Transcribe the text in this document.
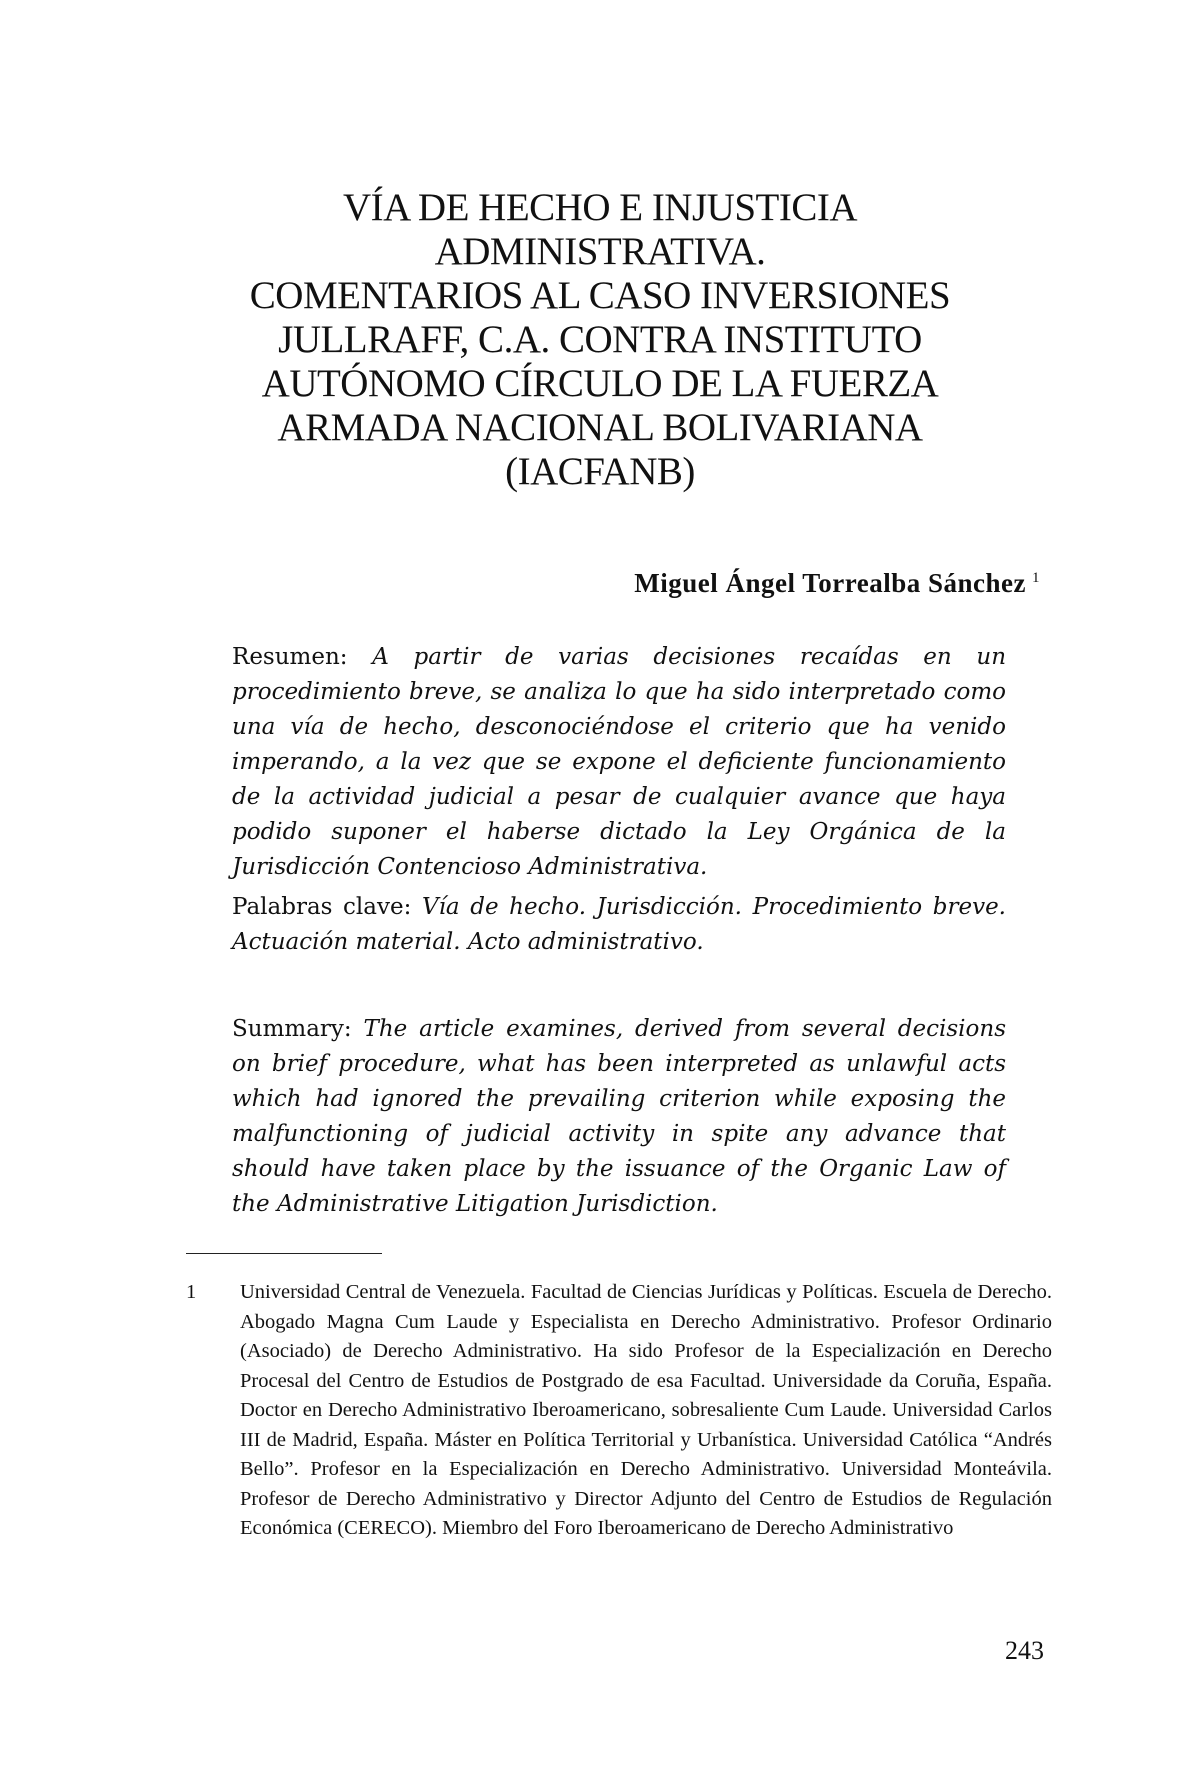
VÍA DE HECHO E INJUSTICIA
ADMINISTRATIVA.
COMENTARIOS AL CASO INVERSIONES
JULLRAFF, C.A. CONTRA INSTITUTO
AUTÓNOMO CÍRCULO DE LA FUERZA
ARMADA NACIONAL BOLIVARIANA
(IACFANB)
Miguel Ángel Torrealba Sánchez $^1$
Resumen: A partir de varias decisiones recaídas en un procedimiento breve, se analiza lo que ha sido interpretado como una vía de hecho, desconociéndose el criterio que ha venido imperando, a la vez que se expone el deficiente funcionamiento de la actividad judicial a pesar de cualquier avance que haya podido suponer el haberse dictado la Ley Orgánica de la Jurisdicción Contencioso Administrativa.
Palabras clave: Vía de hecho. Jurisdicción. Procedimiento breve. Actuación material. Acto administrativo.
Summary: The article examines, derived from several decisions on brief procedure, what has been interpreted as unlawful acts which had ignored the prevailing criterion while exposing the malfunctioning of judicial activity in spite any advance that should have taken place by the issuance of the Organic Law of the Administrative Litigation Jurisdiction.
1 Universidad Central de Venezuela. Facultad de Ciencias Jurídicas y Políticas. Escuela de Derecho. Abogado Magna Cum Laude y Especialista en Derecho Administrativo. Profesor Ordinario (Asociado) de Derecho Administrativo. Ha sido Profesor de la Especialización en Derecho Procesal del Centro de Estudios de Postgrado de esa Facultad. Universidade da Coruña, España. Doctor en Derecho Administrativo Iberoamericano, sobresaliente Cum Laude. Universidad Carlos III de Madrid, España. Máster en Política Territorial y Urbanística. Universidad Católica “Andrés Bello”. Profesor en la Especialización en Derecho Administrativo. Universidad Monteávila. Profesor de Derecho Administrativo y Director Adjunto del Centro de Estudios de Regulación Económica (CERECO). Miembro del Foro Iberoamericano de Derecho Administrativo
243
